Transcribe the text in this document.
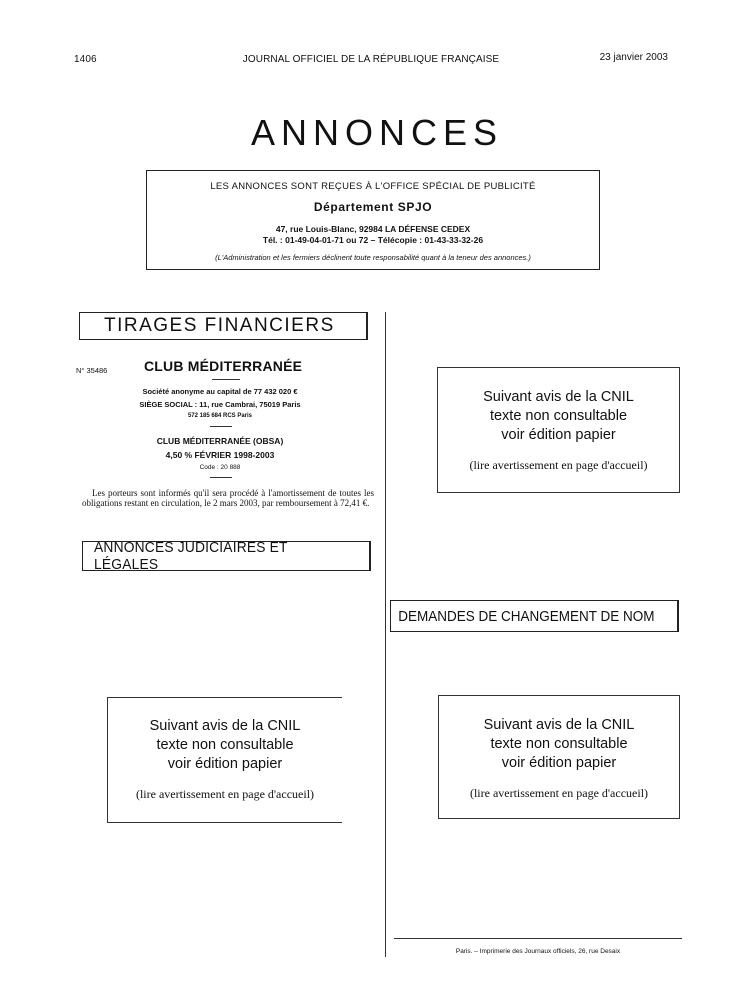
1406	JOURNAL OFFICIEL DE LA RÉPUBLIQUE FRANÇAISE	23 janvier 2003
ANNONCES
LES ANNONCES SONT REÇUES À L'OFFICE SPÉCIAL DE PUBLICITÉ
Département SPJO
47, rue Louis-Blanc, 92984 LA DÉFENSE CEDEX
Tél. : 01-49-04-01-71 ou 72 – Télécopie : 01-43-33-32-26
(L'Administration et les fermiers déclinent toute responsabilité quant à la teneur des annonces.)
TIRAGES FINANCIERS
N° 35486	CLUB MÉDITERRANÉE
Société anonyme au capital de 77 432 020 €
SIÈGE SOCIAL : 11, rue Cambrai, 75019 Paris
572 185 684 RCS Paris
CLUB MÉDITERRANÉE (OBSA)
4,50 % FÉVRIER 1998-2003
Code : 20 888
Les porteurs sont informés qu'il sera procédé à l'amortissement de toutes les obligations restant en circulation, le 2 mars 2003, par remboursement à 72,41 €.
ANNONCES JUDICIAIRES ET LÉGALES
Suivant avis de la CNIL
texte non consultable
voir édition papier
(lire avertissement en page d'accueil)
Suivant avis de la CNIL
texte non consultable
voir édition papier
(lire avertissement en page d'accueil)
DEMANDES DE CHANGEMENT DE NOM
Suivant avis de la CNIL
texte non consultable
voir édition papier
(lire avertissement en page d'accueil)
Paris. – Imprimerie des Journaux officiels, 26, rue Desaix
